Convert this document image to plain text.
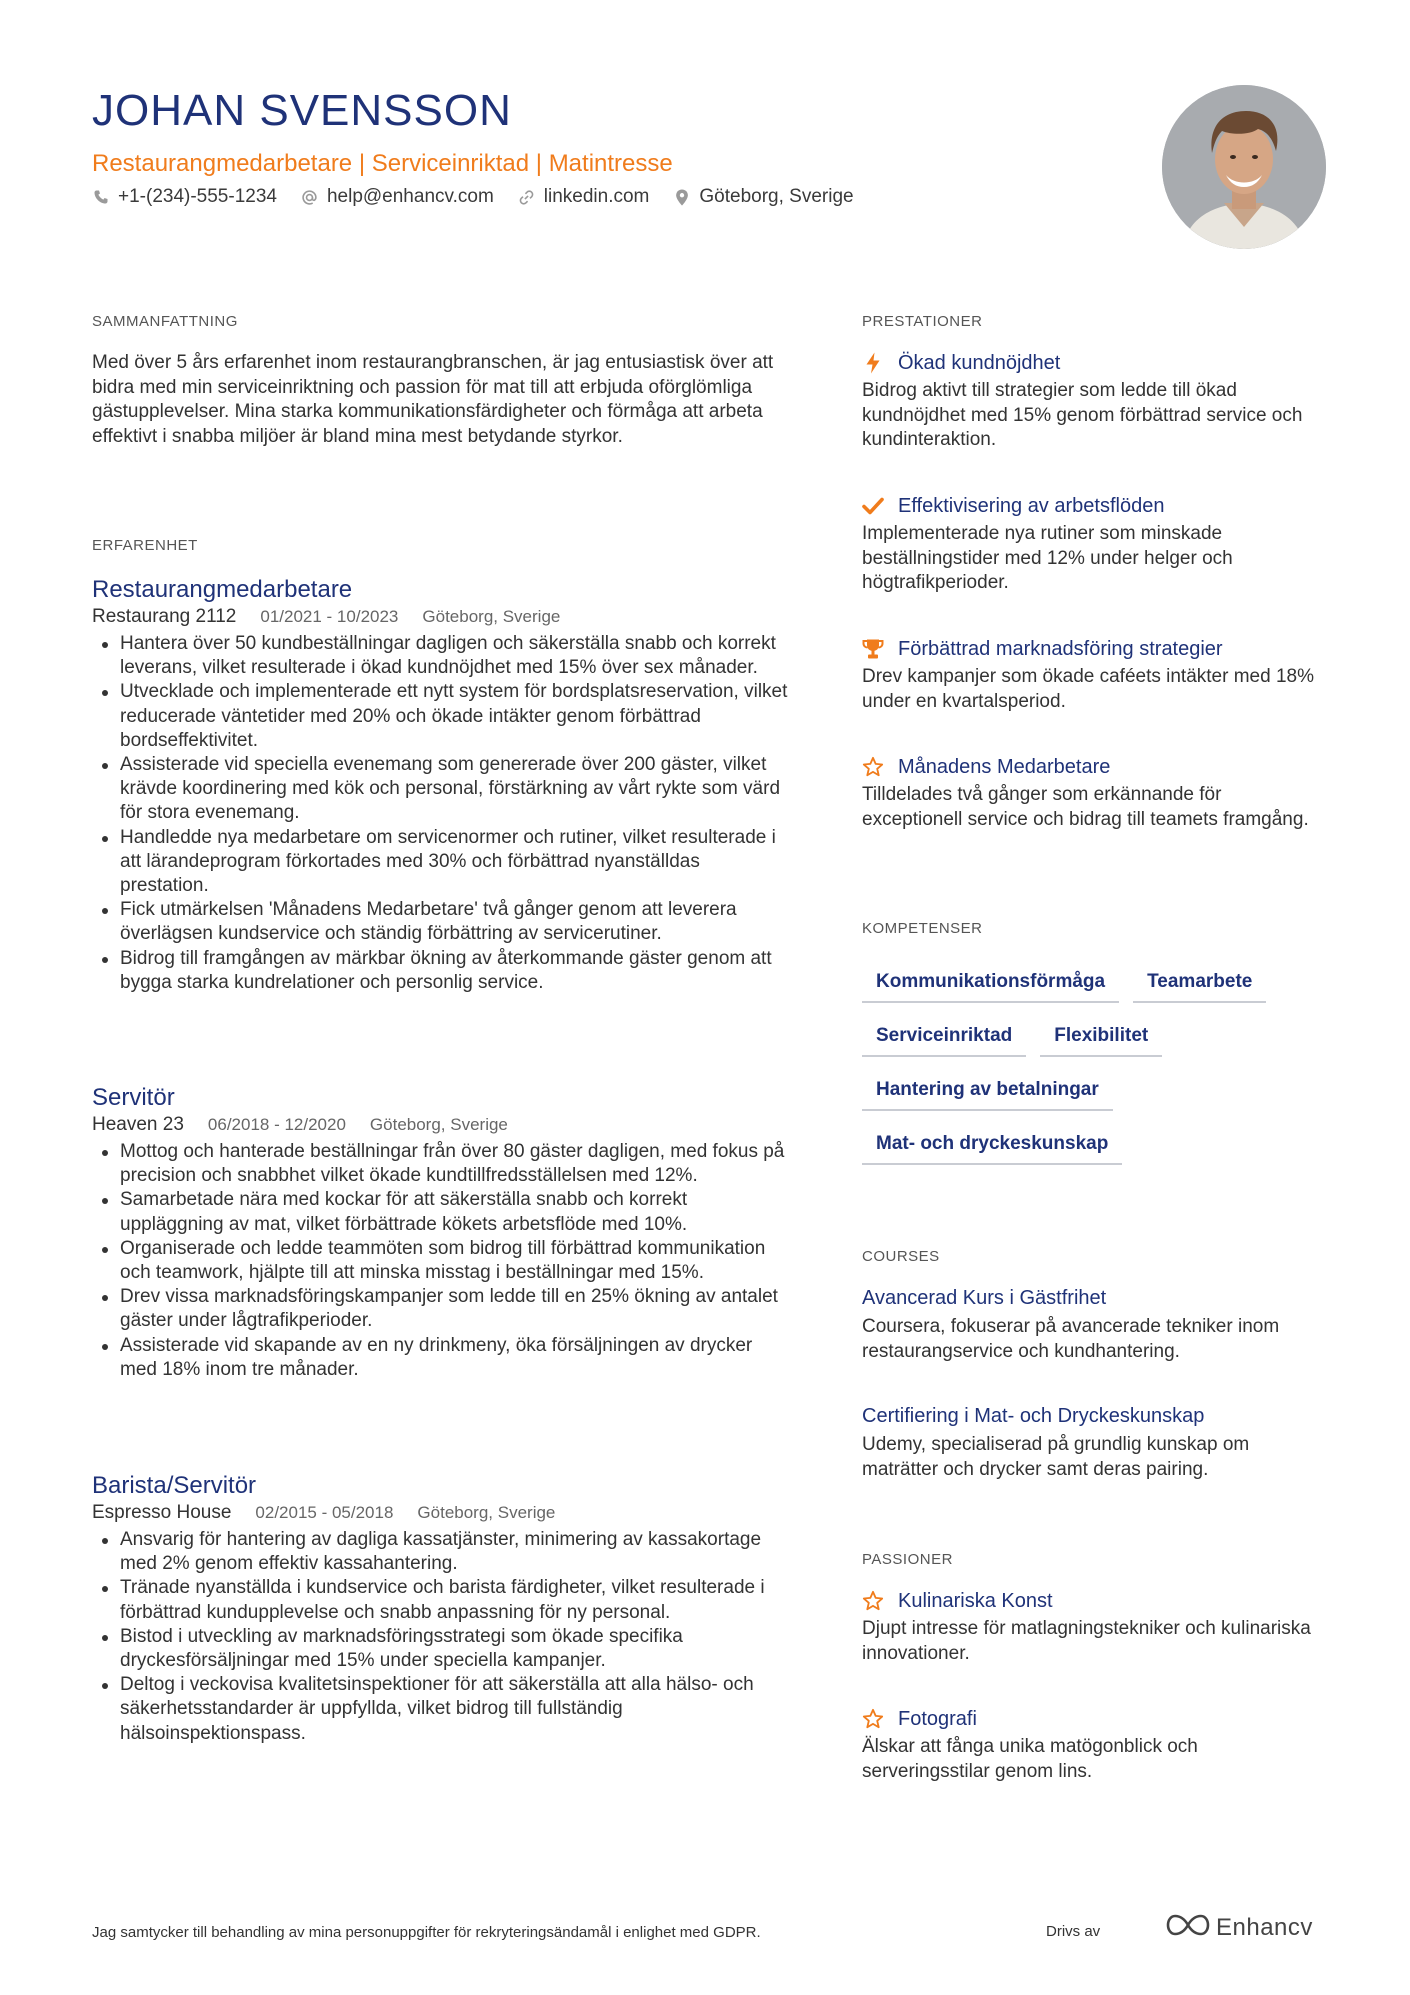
JOHAN SVENSSON
Restaurangmedarbetare | Serviceinriktad | Matintresse
+1-(234)-555-1234	help@enhancv.com	linkedin.com	Göteborg, Sverige
SAMMANFATTNING

Med över 5 års erfarenhet inom restaurangbranschen, är jag entusiastisk över att bidra med min serviceinriktning och passion för mat till att erbjuda oförglömliga gästupplevelser. Mina starka kommunikationsfärdigheter och förmåga att arbeta effektivt i snabba miljöer är bland mina mest betydande styrkor.

ERFARENHET
Restaurangmedarbetare
Restaurang 2112 01/2021 - 10/2023 Göteborg, Sverige
Hantera över 50 kundbeställningar dagligen och säkerställa snabb och korrekt leverans, vilket resulterade i ökad kundnöjdhet med 15% över sex månader.
Utvecklade och implementerade ett nytt system för bordsplatsreservation, vilket reducerade väntetider med 20% och ökade intäkter genom förbättrad bordseffektivitet.
Assisterade vid speciella evenemang som genererade över 200 gäster, vilket krävde koordinering med kök och personal, förstärkning av vårt rykte som värd för stora evenemang.
Handledde nya medarbetare om servicenormer och rutiner, vilket resulterade i att lärandeprogram förkortades med 30% och förbättrad nyanställdas prestation.
Fick utmärkelsen 'Månadens Medarbetare' två gånger genom att leverera överlägsen kundservice och ständig förbättring av servicerutiner.
Bidrog till framgången av märkbar ökning av återkommande gäster genom att bygga starka kundrelationer och personlig service.
Servitör
Heaven 23 06/2018 - 12/2020 Göteborg, Sverige
Mottog och hanterade beställningar från över 80 gäster dagligen, med fokus på precision och snabbhet vilket ökade kundtillfredsställelsen med 12%.
Samarbetade nära med kockar för att säkerställa snabb och korrekt uppläggning av mat, vilket förbättrade kökets arbetsflöde med 10%.
Organiserade och ledde teammöten som bidrog till förbättrad kommunikation och teamwork, hjälpte till att minska misstag i beställningar med 15%.
Drev vissa marknadsföringskampanjer som ledde till en 25% ökning av antalet gäster under lågtrafikperioder.
Assisterade vid skapande av en ny drinkmeny, öka försäljningen av drycker med 18% inom tre månader.
Barista/Servitör
Espresso House 02/2015 - 05/2018 Göteborg, Sverige
Ansvarig för hantering av dagliga kassatjänster, minimering av kassakortage med 2% genom effektiv kassahantering.
Tränade nyanställda i kundservice och barista färdigheter, vilket resulterade i förbättrad kundupplevelse och snabb anpassning för ny personal.
Bistod i utveckling av marknadsföringsstrategi som ökade specifika dryckesförsäljningar med 15% under speciella kampanjer.
Deltog i veckovisa kvalitetsinspektioner för att säkerställa att alla hälso- och säkerhetsstandarder är uppfyllda, vilket bidrog till fullständig hälsoinspektionspass.
PRESTATIONER
Ökad kundnöjdhet
Bidrog aktivt till strategier som ledde till ökad kundnöjdhet med 15% genom förbättrad service och kundinteraktion.
Effektivisering av arbetsflöden
Implementerade nya rutiner som minskade beställningstider med 12% under helger och högtrafikperioder.
Förbättrad marknadsföring strategier
Drev kampanjer som ökade caféets intäkter med 18% under en kvartalsperiod.
Månadens Medarbetare
Tilldelades två gånger som erkännande för exceptionell service och bidrag till teamets framgång.
KOMPETENSER
Kommunikationsförmåga	Teamarbete
Serviceinriktad	Flexibilitet
Hantering av betalningar
Mat- och dryckeskunskap
COURSES
Avancerad Kurs i Gästfrihet
Coursera, fokuserar på avancerade tekniker inom restaurangservice och kundhantering.
Certifiering i Mat- och Dryckeskunskap
Udemy, specialiserad på grundlig kunskap om maträtter och drycker samt deras pairing.
PASSIONER
Kulinariska Konst
Djupt intresse för matlagningstekniker och kulinariska innovationer.
Fotografi
Älskar att fånga unika matögonblick och serveringsstilar genom lins.
Jag samtycker till behandling av mina personuppgifter för rekryteringsändamål i enlighet med GDPR.	Drivs av	Enhancv
